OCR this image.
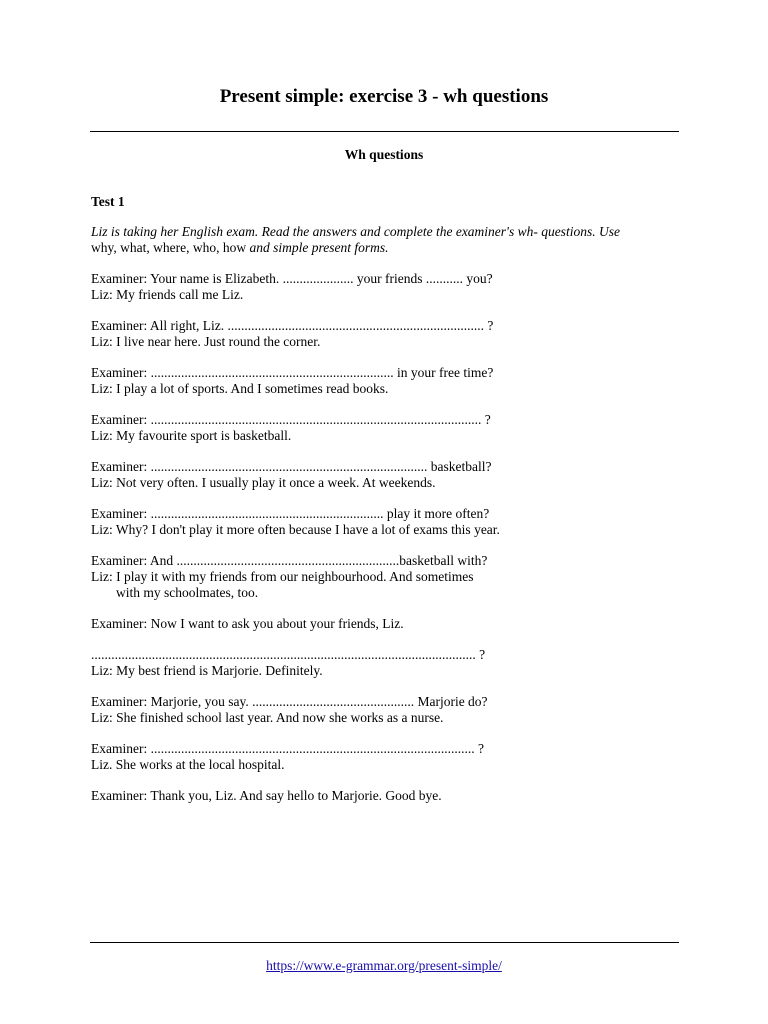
Present simple: exercise 3 - wh questions
Wh questions
Test 1
Liz is taking her English exam. Read the answers and complete the examiner's wh- questions. Use
why, what, where, who, how and simple present forms.
Examiner: Your name is Elizabeth. ..................... your friends ........... you?
Liz: My friends call me Liz.
Examiner: All right, Liz. ............................................................................ ?
Liz: I live near here. Just round the corner.
Examiner: ........................................................................ in your free time?
Liz: I play a lot of sports. And I sometimes read books.
Examiner: .................................................................................................. ?
Liz: My favourite sport is basketball.
Examiner: .................................................................................. basketball?
Liz: Not very often. I usually play it once a week. At weekends.
Examiner: ..................................................................... play it more often?
Liz: Why? I don't play it more often because I have a lot of exams this year.
Examiner: And ..................................................................basketball with?
Liz: I play it with my friends from our neighbourhood. And sometimes
with my schoolmates, too.
Examiner: Now I want to ask you about your friends, Liz.
.................................................................................................................. ?
Liz: My best friend is Marjorie. Definitely.
Examiner: Marjorie, you say. ................................................ Marjorie do?
Liz: She finished school last year. And now she works as a nurse.
Examiner: ................................................................................................ ?
Liz. She works at the local hospital.
Examiner: Thank you, Liz. And say hello to Marjorie. Good bye.
https://www.e-grammar.org/present-simple/
